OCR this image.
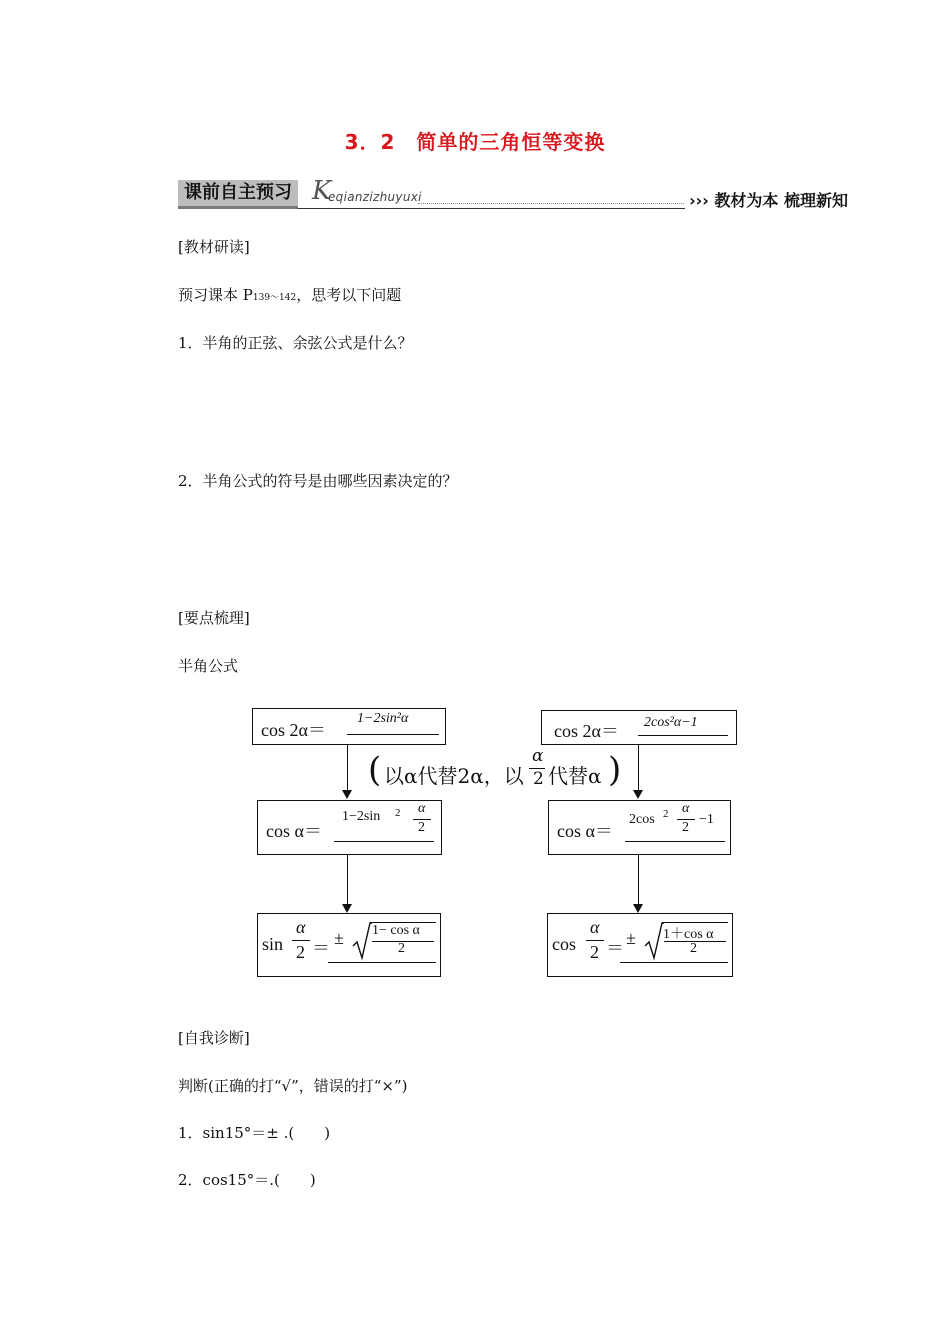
3．2　简单的三角恒等变换
课前自主预习 K
eqianzizhuyuxi	››› 教材为本 梳理新知
[教材研读]
预习课本 P139～142，思考以下问题
1．半角的正弦、余弦公式是什么？
2．半角公式的符号是由哪些因素决定的？
[要点梳理]
半角公式
cos 2α＝
1−2sin²α
cos 2α＝ 2cos²α−1
( 以α代替2α，以
α
2 代替α )
cos α＝
1−2sin 2 α
2	cos α＝
2cos 2 α
2
−1
sin
α
2 ＝ ± 1− cos α
2	cos
α
2 ＝ ± 1＋cos α
2
[自我诊断]
判断(正确的打“√”，错误的打“×”)
1．sin15°＝± .(　　)
2．cos15°＝.(　　)
